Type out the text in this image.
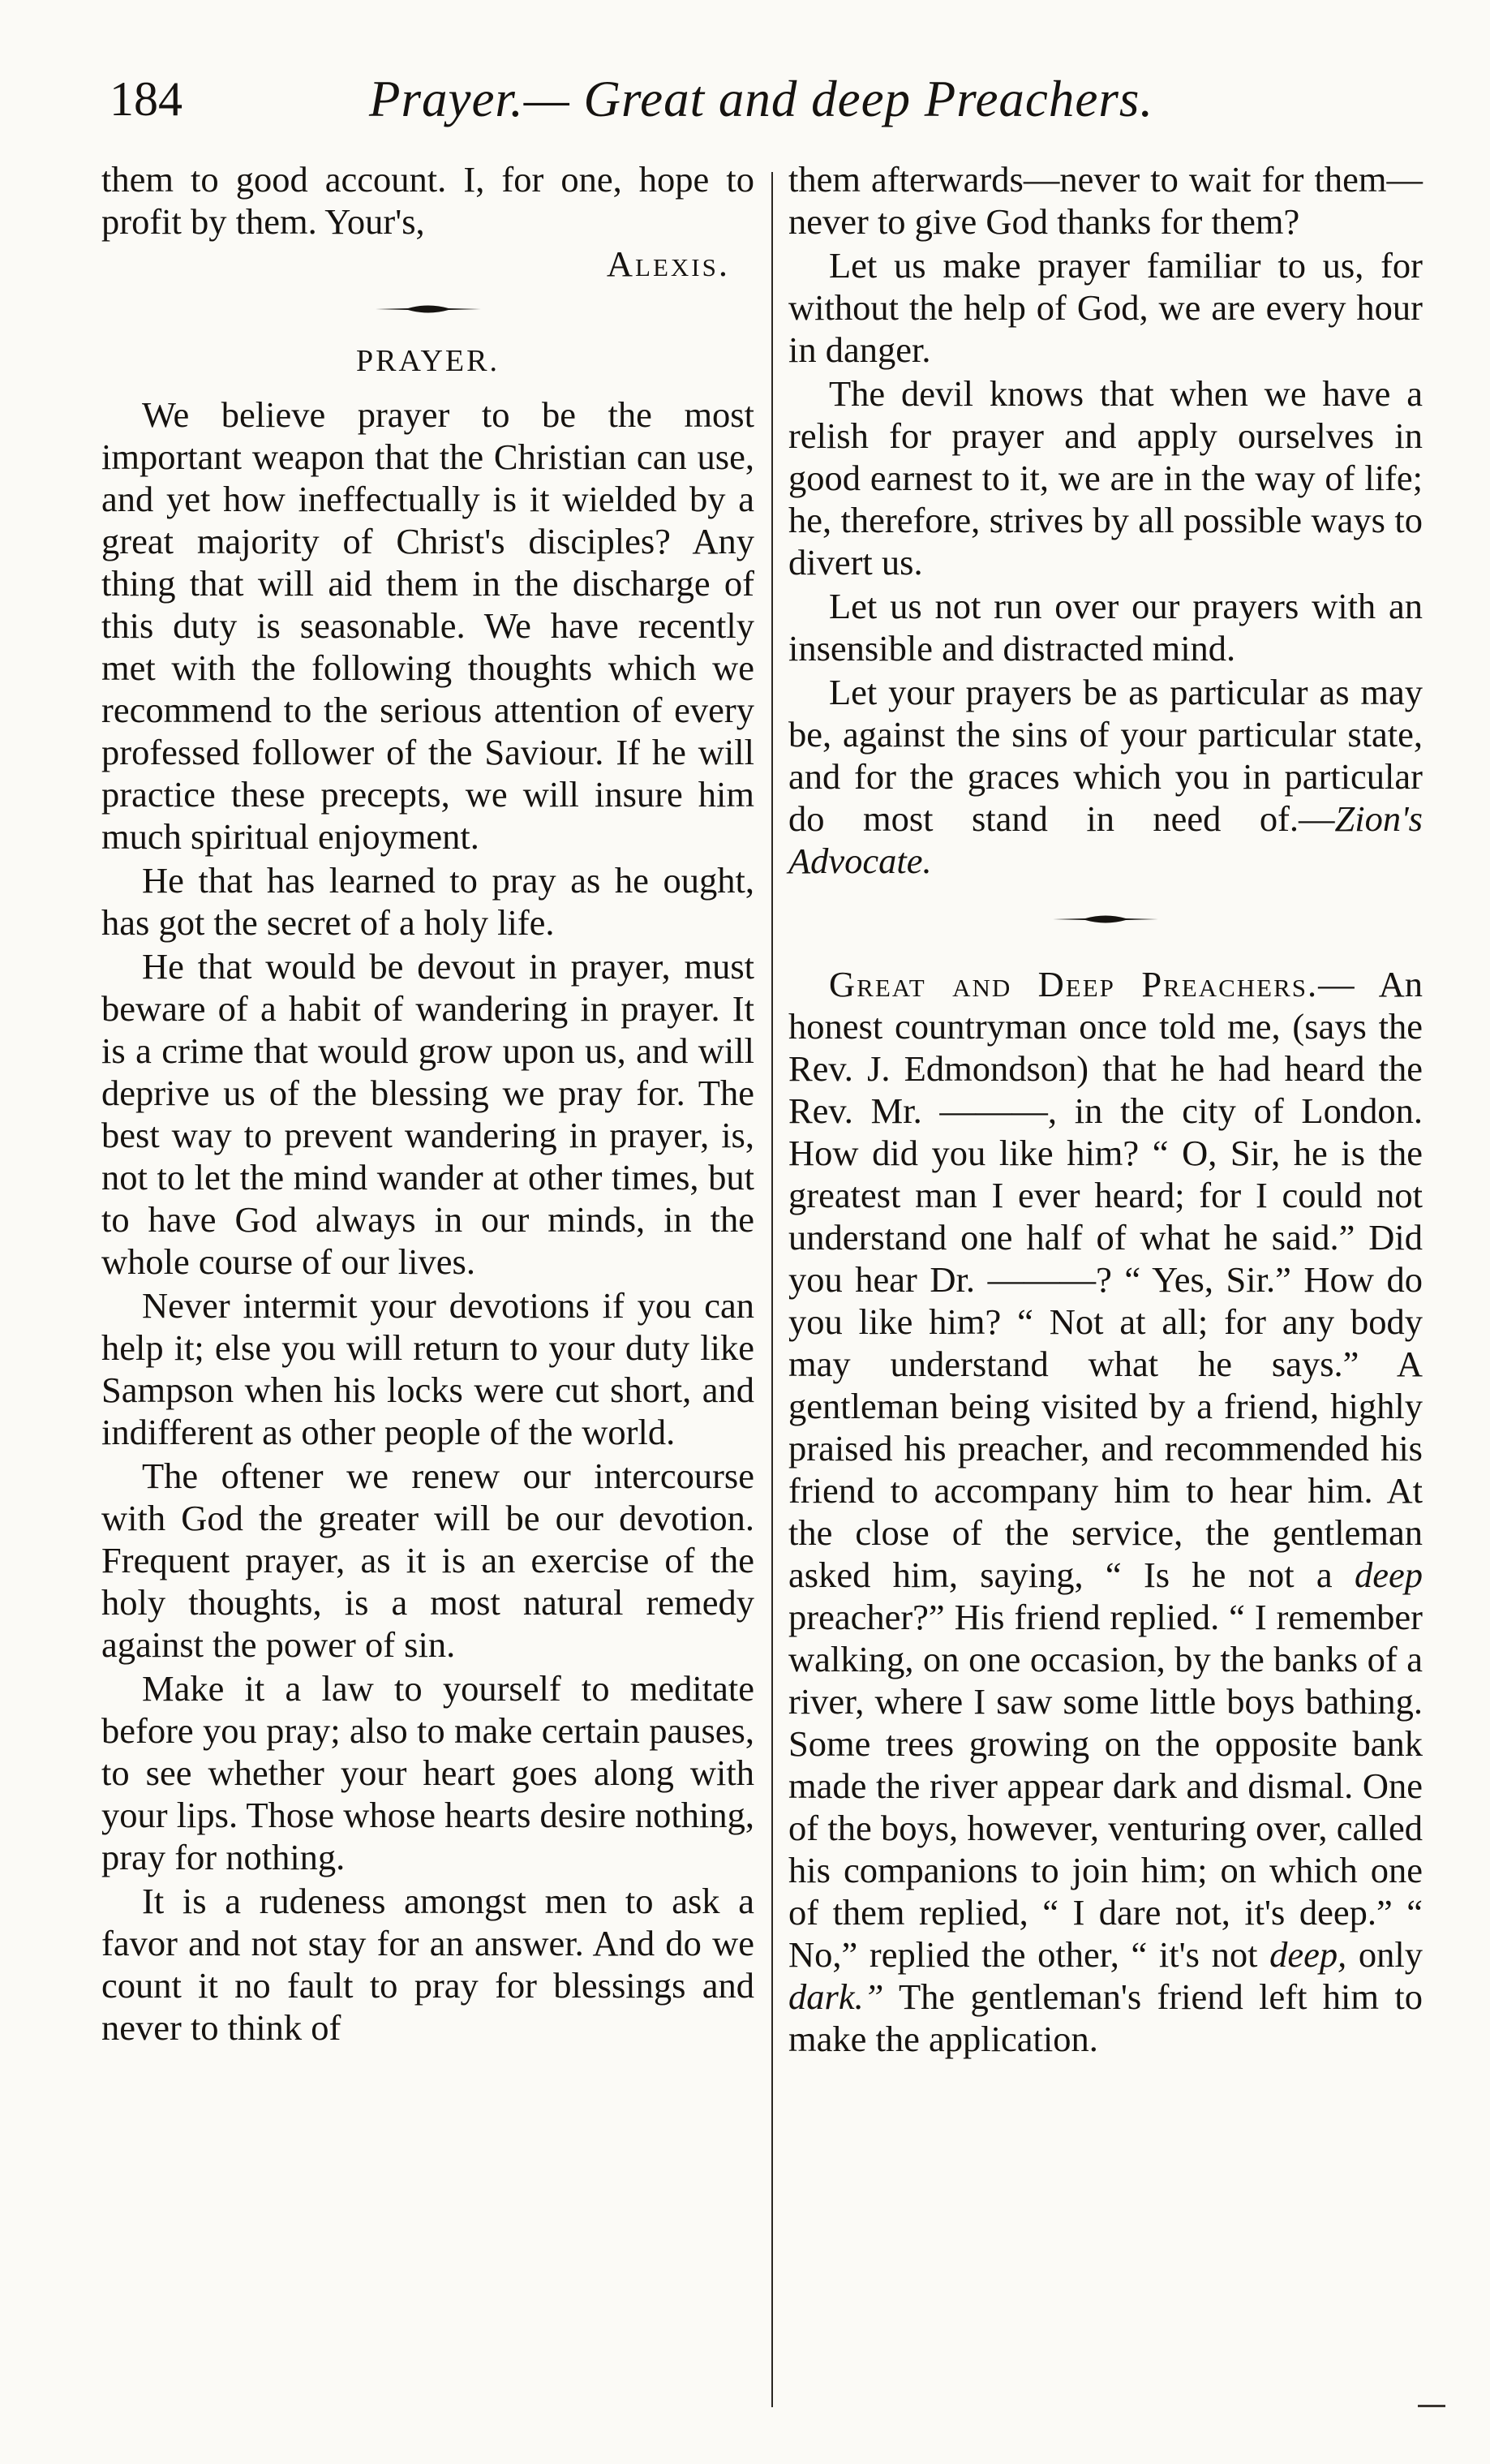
184	Prayer.— Great and deep Preachers.

them to good account. I, for one, hope to profit by them. Your's,

Alexis.

PRAYER.

We believe prayer to be the most important weapon that the Christian can use, and yet how ineffectually is it wielded by a great majority of Christ's disciples? Any thing that will aid them in the discharge of this duty is seasonable. We have recently met with the following thoughts which we recommend to the serious attention of every professed follower of the Saviour. If he will practice these precepts, we will insure him much spiritual enjoyment.

He that has learned to pray as he ought, has got the secret of a holy life.

He that would be devout in prayer, must beware of a habit of wandering in prayer. It is a crime that would grow upon us, and will deprive us of the blessing we pray for. The best way to prevent wandering in prayer, is, not to let the mind wander at other times, but to have God always in our minds, in the whole course of our lives.

Never intermit your devotions if you can help it; else you will return to your duty like Sampson when his locks were cut short, and indifferent as other people of the world.

The oftener we renew our intercourse with God the greater will be our devotion. Frequent prayer, as it is an exercise of the holy thoughts, is a most natural remedy against the power of sin.

Make it a law to yourself to meditate before you pray; also to make certain pauses, to see whether your heart goes along with your lips. Those whose hearts desire nothing, pray for nothing.

It is a rudeness amongst men to ask a favor and not stay for an answer. And do we count it no fault to pray for blessings and never to think of

them afterwards—never to wait for them—never to give God thanks for them?

Let us make prayer familiar to us, for without the help of God, we are every hour in danger.

The devil knows that when we have a relish for prayer and apply ourselves in good earnest to it, we are in the way of life; he, therefore, strives by all possible ways to divert us.

Let us not run over our prayers with an insensible and distracted mind.

Let your prayers be as particular as may be, against the sins of your particular state, and for the graces which you in particular do most stand in need of.—Zion's Advocate.

Great and Deep Preachers.— An honest countryman once told me, (says the Rev. J. Edmondson) that he had heard the Rev. Mr. ———, in the city of London. How did you like him? “ O, Sir, he is the greatest man I ever heard; for I could not understand one half of what he said.” Did you hear Dr. ———? “ Yes, Sir.” How do you like him? “ Not at all; for any body may understand what he says.” A gentleman being visited by a friend, highly praised his preacher, and recommended his friend to accompany him to hear him. At the close of the service, the gentleman asked him, saying, “ Is he not a deep preacher?” His friend replied. “ I remember walking, on one occasion, by the banks of a river, where I saw some little boys bathing. Some trees growing on the opposite bank made the river appear dark and dismal. One of the boys, however, venturing over, called his companions to join him; on which one of them replied, “ I dare not, it's deep.” “ No,” replied the other, “ it's not deep, only dark.” The gentleman's friend left him to make the application.
